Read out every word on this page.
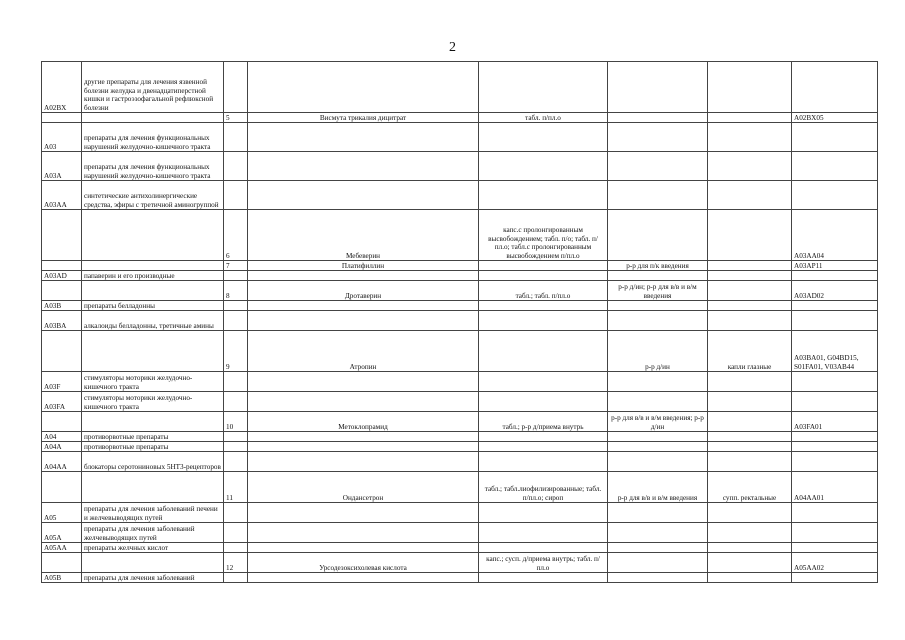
2
A02BX	другие препараты для лечения язвенной болезни желудка и двенадцатиперстной кишки и гастроэзофагальной рефлюксной болезни						
		5	Висмута трикалия дицитрат	табл. п/пл.о			A02BX05
A03	препараты для лечения функциональных нарушений желудочно-кишечного тракта						
A03A	препараты для лечения функциональных нарушений желудочно-кишечного тракта						
A03AA	синтетические антихолинергические средства, эфиры с третичной аминогруппой						
		6	Мебеверин	капс.с пролонгированным высвобождением; табл. п/о; табл. п/пл.о; табл.с пролонгированным высвобождением п/пл.о			A03AA04
		7	Платифиллин		р-р для п/к введения		A03AP11
A03AD	папаверин и его производные						
		8	Дротаверин	табл.; табл. п/пл.о	р-р д/ин; р-р для в/в и в/м введения		A03AD02
A03B	препараты белладонны						
A03BA	алкалоиды белладонны, третичные амины						
		9	Атропин		р-р д/ин	капли глазные	A03BA01, G04BD15, S01FA01, V03AB44
A03F	стимуляторы моторики желудочно-кишечного тракта						
A03FA	стимуляторы моторики желудочно-кишечного тракта						
		10	Метоклопрамид	табл.; р-р д/приема внутрь	р-р для в/в и в/м введения; р-р д/ин		A03FA01
A04	противорвотные препараты						
A04A	противорвотные препараты						
A04AA	блокаторы серотониновых 5HT3-рецепторов						
		11	Ондансетрон	табл.; табл.лиофилизированные; табл. п/пл.о; сироп	р-р для в/в и в/м введения	супп. ректальные	A04AA01
A05	препараты для лечения заболеваний печени и желчевыводящих путей						
A05A	препараты для лечения заболеваний желчевыводящих путей						
A05AA	препараты желчных кислот						
		12	Урсодезоксихолевая кислота	капс.; сусп. д/приема внутрь; табл. п/пл.о			A05AA02
A05B	препараты для лечения заболеваний						
